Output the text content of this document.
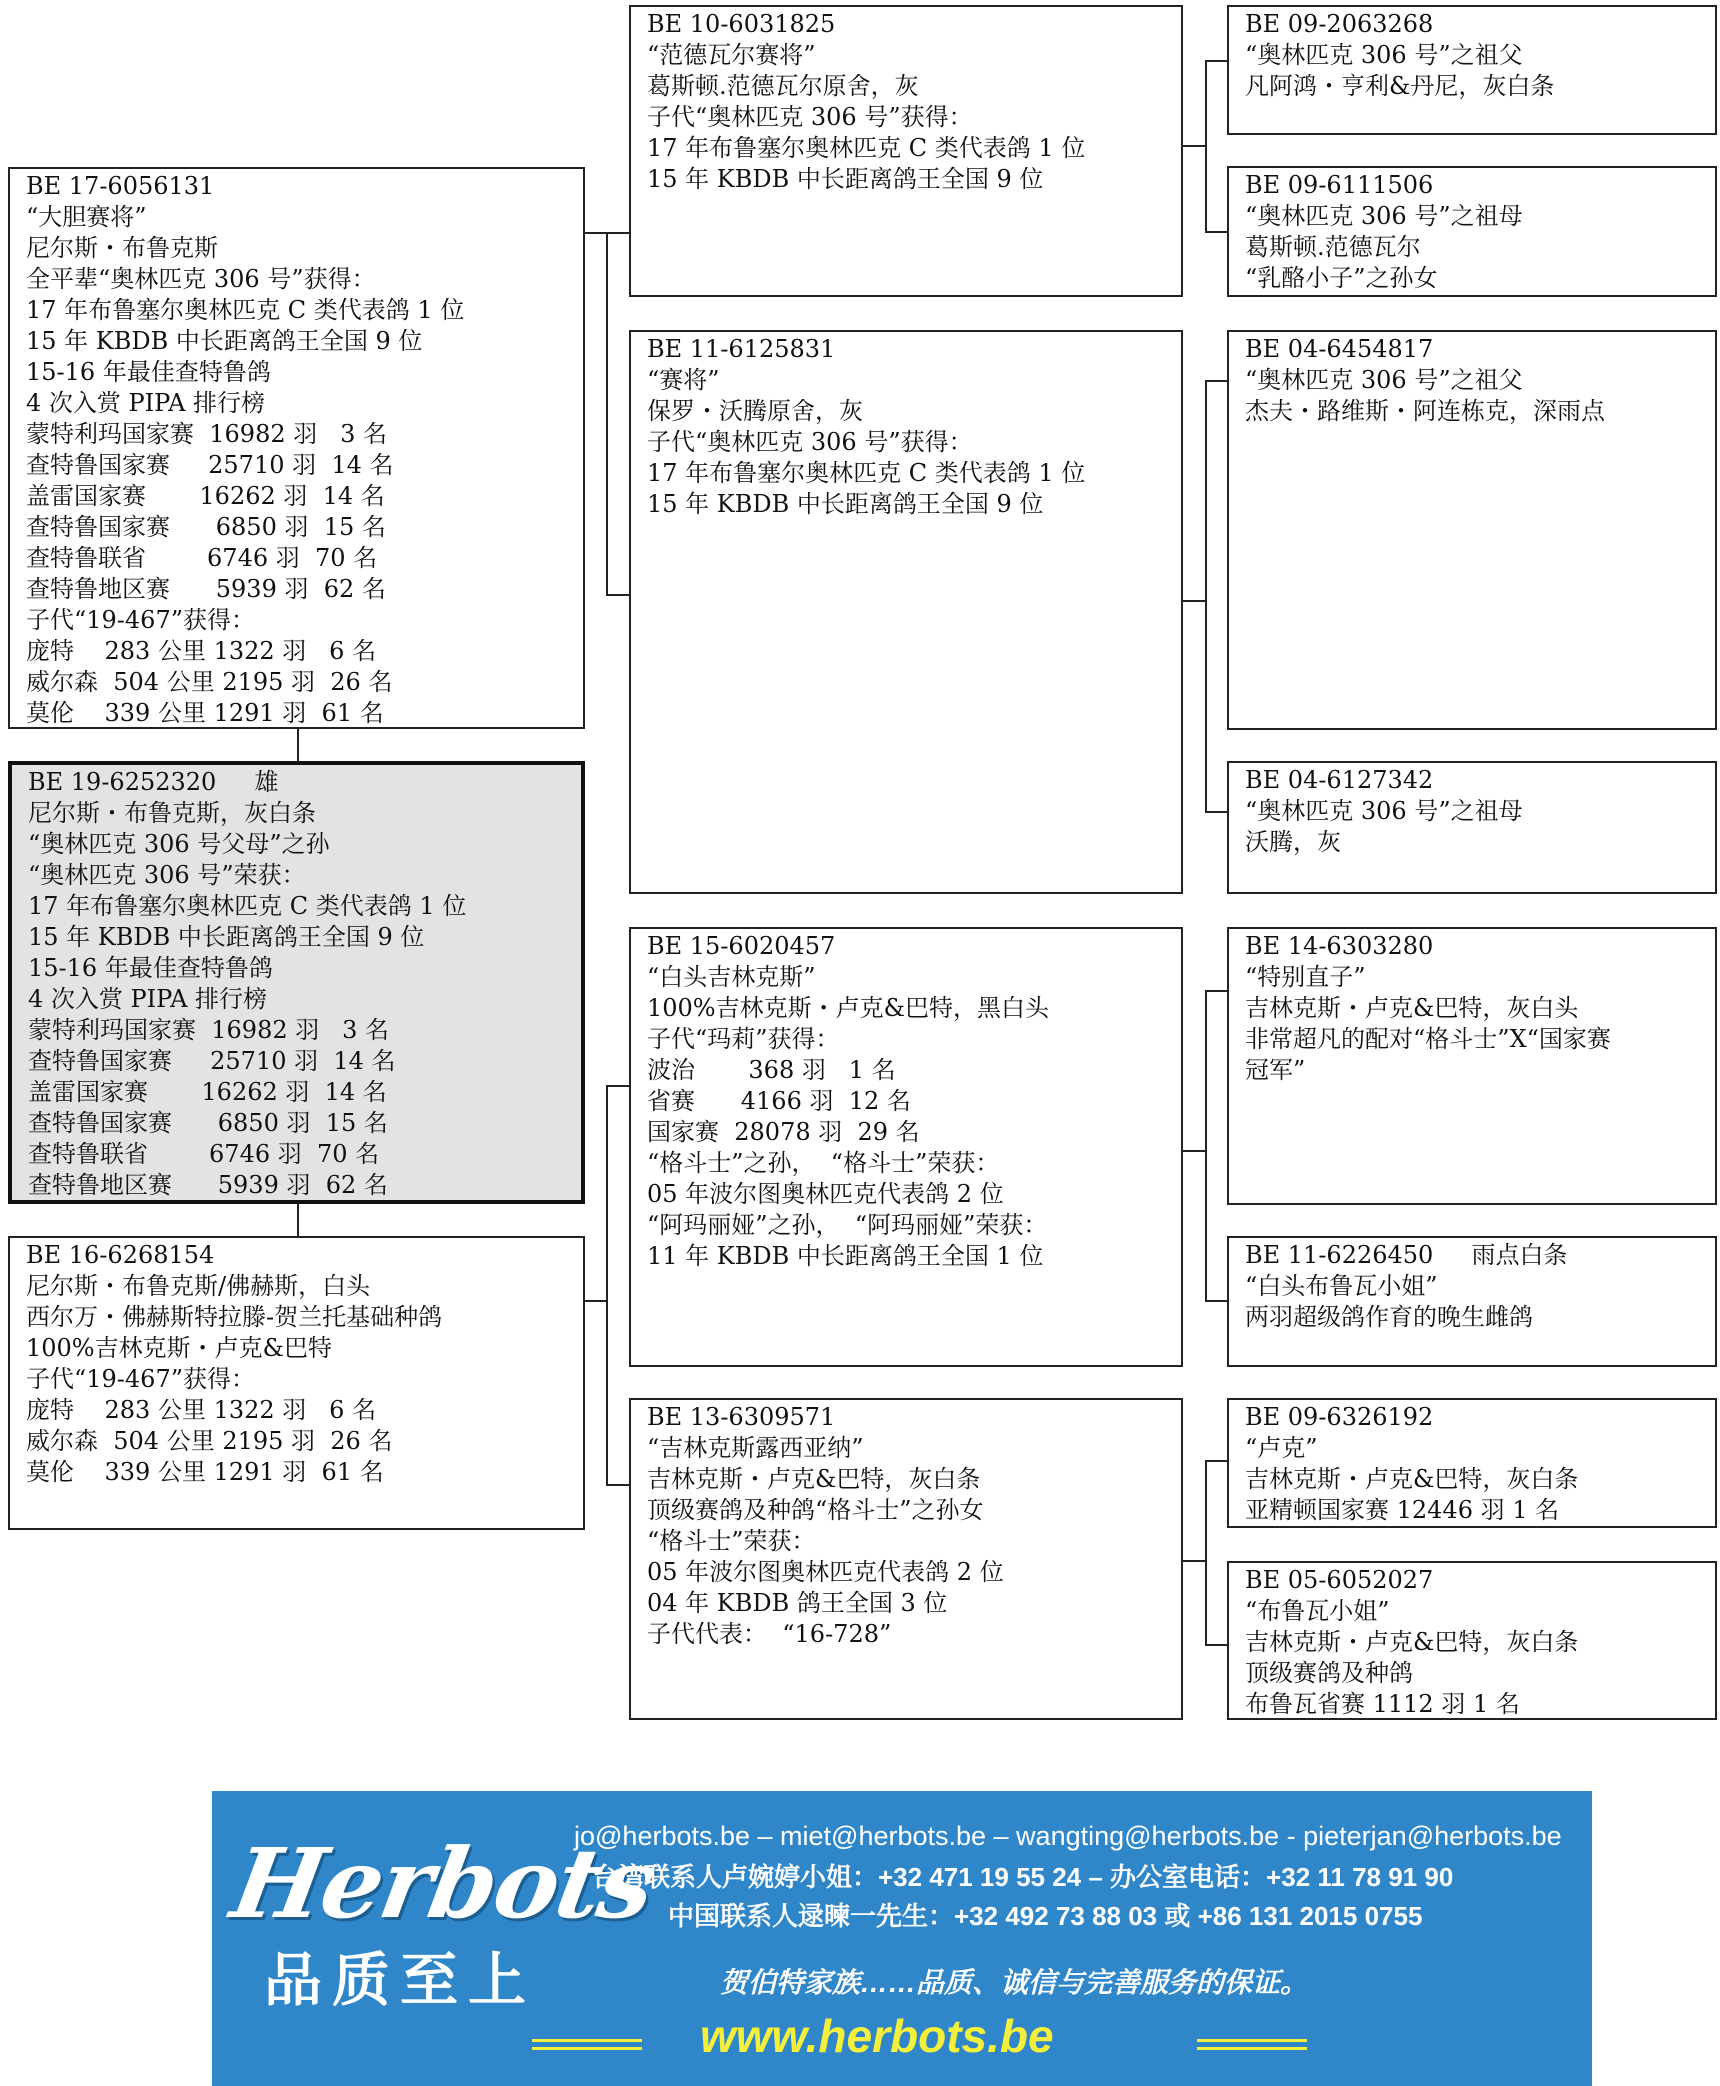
BE 19-6252320     雄
尼尔斯・布鲁克斯，灰白条
“奥林匹克 306 号父母”之孙
“奥林匹克 306 号”荣获：
17 年布鲁塞尔奥林匹克 C 类代表鸽 1 位
15 年 KBDB 中长距离鸽王全国 9 位
15-16 年最佳查特鲁鸽
4 次入赏 PIPA 排行榜
蒙特利玛国家赛  16982 羽   3 名
查特鲁国家赛     25710 羽  14 名
盖雷国家赛       16262 羽  14 名
查特鲁国家赛      6850 羽  15 名
查特鲁联省        6746 羽  70 名
查特鲁地区赛      5939 羽  62 名
BE 17-6056131
“大胆赛将”
尼尔斯・布鲁克斯
全平辈“奥林匹克 306 号”获得：
17 年布鲁塞尔奥林匹克 C 类代表鸽 1 位
15 年 KBDB 中长距离鸽王全国 9 位
15-16 年最佳查特鲁鸽
4 次入赏 PIPA 排行榜
蒙特利玛国家赛  16982 羽   3 名
查特鲁国家赛     25710 羽  14 名
盖雷国家赛       16262 羽  14 名
查特鲁国家赛      6850 羽  15 名
查特鲁联省        6746 羽  70 名
查特鲁地区赛      5939 羽  62 名
子代“19-467”获得：
庞特    283 公里 1322 羽   6 名
威尔森  504 公里 2195 羽  26 名
莫伦    339 公里 1291 羽  61 名
BE 16-6268154
尼尔斯・布鲁克斯/佛赫斯，白头
西尔万・佛赫斯特拉滕-贺兰托基础种鸽
100%吉林克斯・卢克&巴特
子代“19-467”获得：
庞特    283 公里 1322 羽   6 名
威尔森  504 公里 2195 羽  26 名
莫伦    339 公里 1291 羽  61 名
BE 10-6031825
“范德瓦尔赛将”
葛斯顿.范德瓦尔原舍，灰
子代“奥林匹克 306 号”获得：
17 年布鲁塞尔奥林匹克 C 类代表鸽 1 位
15 年 KBDB 中长距离鸽王全国 9 位
BE 11-6125831
“赛将”
保罗・沃腾原舍，灰
子代“奥林匹克 306 号”获得：
17 年布鲁塞尔奥林匹克 C 类代表鸽 1 位
15 年 KBDB 中长距离鸽王全国 9 位
BE 15-6020457
“白头吉林克斯”
100%吉林克斯・卢克&巴特，黑白头
子代“玛莉”获得：
波治       368 羽   1 名
省赛      4166 羽  12 名
国家赛  28078 羽  29 名
“格斗士”之孙，  “格斗士”荣获：
05 年波尔图奥林匹克代表鸽 2 位
“阿玛丽娅”之孙，  “阿玛丽娅”荣获：
11 年 KBDB 中长距离鸽王全国 1 位
BE 13-6309571
“吉林克斯露西亚纳”
吉林克斯・卢克&巴特，灰白条
顶级赛鸽及种鸽“格斗士”之孙女
“格斗士”荣获：
05 年波尔图奥林匹克代表鸽 2 位
04 年 KBDB 鸽王全国 3 位
子代代表：  “16-728”
BE 09-2063268
“奥林匹克 306 号”之祖父
凡阿鸿・亨利&丹尼，灰白条
BE 09-6111506
“奥林匹克 306 号”之祖母
葛斯顿.范德瓦尔
“乳酪小子”之孙女
BE 04-6454817
“奥林匹克 306 号”之祖父
杰夫・路维斯・阿连栋克，深雨点
BE 04-6127342
“奥林匹克 306 号”之祖母
沃腾，灰
BE 14-6303280
“特别直子”
吉林克斯・卢克&巴特，灰白头
非常超凡的配对“格斗士”X“国家赛
冠军”
BE 11-6226450     雨点白条
“白头布鲁瓦小姐”
两羽超级鸽作育的晚生雌鸽
BE 09-6326192
“卢克”
吉林克斯・卢克&巴特，灰白条
亚精顿国家赛 12446 羽 1 名
BE 05-6052027
“布鲁瓦小姐”
吉林克斯・卢克&巴特，灰白条
顶级赛鸽及种鸽
布鲁瓦省赛 1112 羽 1 名
Herbots
品质至上
jo@herbots.be – miet@herbots.be – wangting@herbots.be - pieterjan@herbots.be
台湾联系人卢婉婷小姐：+32 471 19 55 24 – 办公室电话：+32 11 78 91 90
中国联系人逯暕一先生：+32 492 73 88 03 或 +86 131 2015 0755
贺伯特家族……品质、诚信与完善服务的保证。
www.herbots.be
